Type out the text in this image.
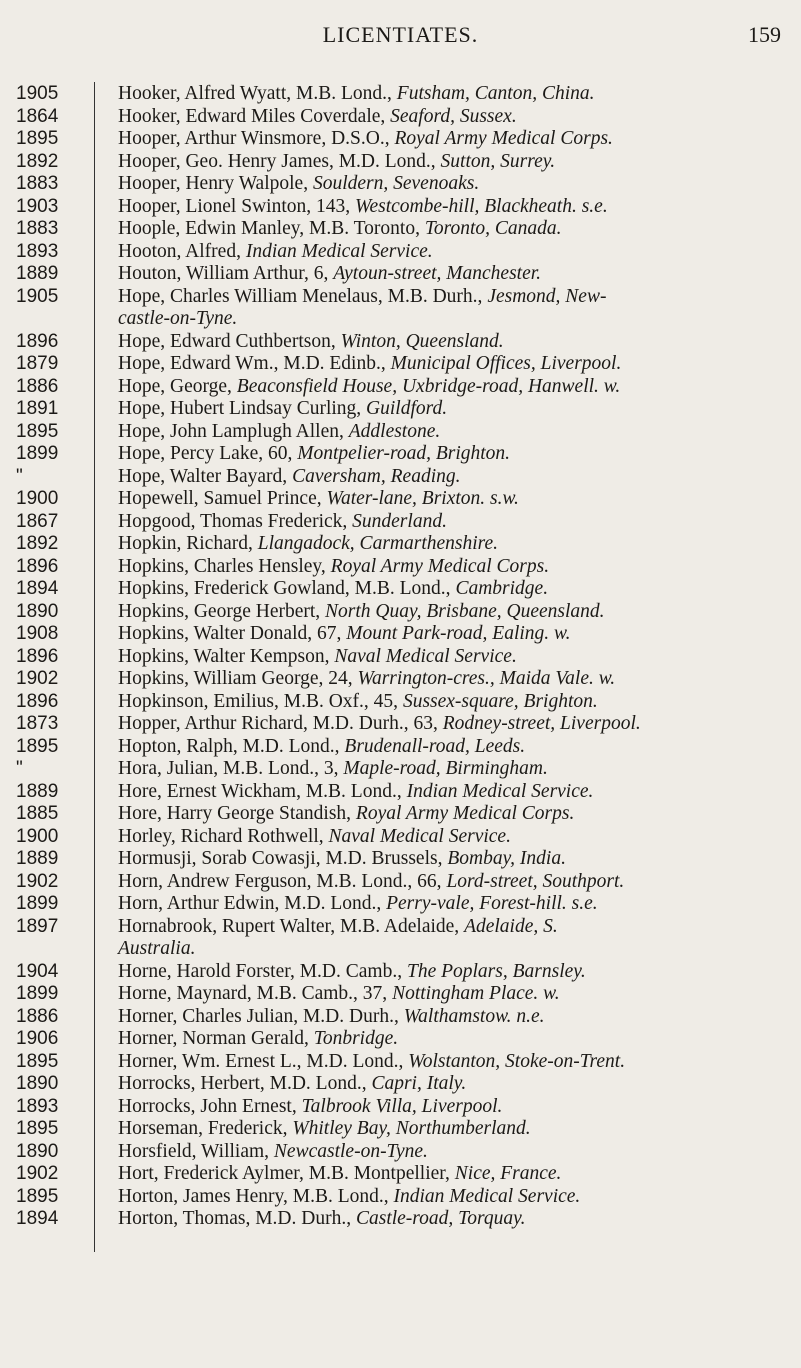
LICENTIATES.	159
1905	Hooker, Alfred Wyatt, M.B. Lond., Futsham, Canton, China.
1864	Hooker, Edward Miles Coverdale, Seaford, Sussex.
1895	Hooper, Arthur Winsmore, D.S.O., Royal Army Medical Corps.
1892	Hooper, Geo. Henry James, M.D. Lond., Sutton, Surrey.
1883	Hooper, Henry Walpole, Souldern, Sevenoaks.
1903	Hooper, Lionel Swinton, 143, Westcombe-hill, Blackheath. s.e.
1883	Hoople, Edwin Manley, M.B. Toronto, Toronto, Canada.
1893	Hooton, Alfred, Indian Medical Service.
1889	Houton, William Arthur, 6, Aytoun-street, Manchester.
1905	Hope, Charles William Menelaus, M.B. Durh., Jesmond, New-
castle-on-Tyne.
1896	Hope, Edward Cuthbertson, Winton, Queensland.
1879	Hope, Edward Wm., M.D. Edinb., Municipal Offices, Liverpool.
1886	Hope, George, Beaconsfield House, Uxbridge-road, Hanwell. w.
1891	Hope, Hubert Lindsay Curling, Guildford.
1895	Hope, John Lamplugh Allen, Addlestone.
1899	Hope, Percy Lake, 60, Montpelier-road, Brighton.
"	Hope, Walter Bayard, Caversham, Reading.
1900	Hopewell, Samuel Prince, Water-lane, Brixton. s.w.
1867	Hopgood, Thomas Frederick, Sunderland.
1892	Hopkin, Richard, Llangadock, Carmarthenshire.
1896	Hopkins, Charles Hensley, Royal Army Medical Corps.
1894	Hopkins, Frederick Gowland, M.B. Lond., Cambridge.
1890	Hopkins, George Herbert, North Quay, Brisbane, Queensland.
1908	Hopkins, Walter Donald, 67, Mount Park-road, Ealing. w.
1896	Hopkins, Walter Kempson, Naval Medical Service.
1902	Hopkins, William George, 24, Warrington-cres., Maida Vale. w.
1896	Hopkinson, Emilius, M.B. Oxf., 45, Sussex-square, Brighton.
1873	Hopper, Arthur Richard, M.D. Durh., 63, Rodney-street, Liverpool.
1895	Hopton, Ralph, M.D. Lond., Brudenall-road, Leeds.
"	Hora, Julian, M.B. Lond., 3, Maple-road, Birmingham.
1889	Hore, Ernest Wickham, M.B. Lond., Indian Medical Service.
1885	Hore, Harry George Standish, Royal Army Medical Corps.
1900	Horley, Richard Rothwell, Naval Medical Service.
1889	Hormusji, Sorab Cowasji, M.D. Brussels, Bombay, India.
1902	Horn, Andrew Ferguson, M.B. Lond., 66, Lord-street, Southport.
1899	Horn, Arthur Edwin, M.D. Lond., Perry-vale, Forest-hill. s.e.
1897	Hornabrook, Rupert Walter, M.B. Adelaide, Adelaide, S.
Australia.
1904	Horne, Harold Forster, M.D. Camb., The Poplars, Barnsley.
1899	Horne, Maynard, M.B. Camb., 37, Nottingham Place. w.
1886	Horner, Charles Julian, M.D. Durh., Walthamstow. n.e.
1906	Horner, Norman Gerald, Tonbridge.
1895	Horner, Wm. Ernest L., M.D. Lond., Wolstanton, Stoke-on-Trent.
1890	Horrocks, Herbert, M.D. Lond., Capri, Italy.
1893	Horrocks, John Ernest, Talbrook Villa, Liverpool.
1895	Horseman, Frederick, Whitley Bay, Northumberland.
1890	Horsfield, William, Newcastle-on-Tyne.
1902	Hort, Frederick Aylmer, M.B. Montpellier, Nice, France.
1895	Horton, James Henry, M.B. Lond., Indian Medical Service.
1894	Horton, Thomas, M.D. Durh., Castle-road, Torquay.
